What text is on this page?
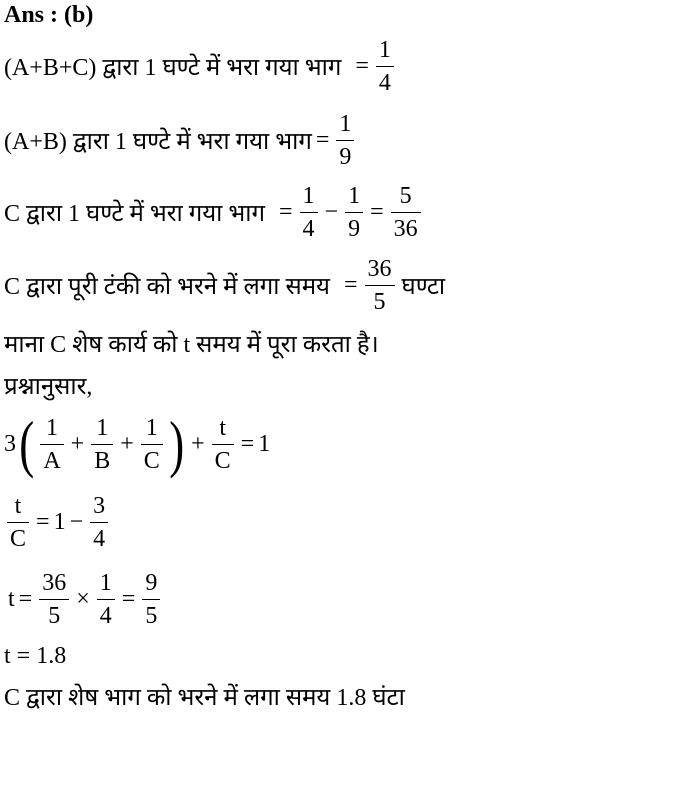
Ans : (b)
(A+B+C) द्वारा 1 घण्टे में भरा गया भाग = $\frac{1}{4}$
(A+B) द्वारा 1 घण्टे में भरा गया भाग = $\frac{1}{9}$
C द्वारा 1 घण्टे में भरा गया भाग = $\frac{1}{4} - \frac{1}{9} = \frac{5}{36}$
C द्वारा पूरी टंकी को भरने में लगा समय = $\frac{36}{5}$ घण्टा
माना C शेष कार्य को t समय में पूरा करता है।
प्रश्नानुसार,
3 ( $\frac{1}{A} + \frac{1}{B} + \frac{1}{C}$ ) + $\frac{t}{C} = 1$
$\frac{t}{C} = 1 - \frac{3}{4}$
$t = \frac{36}{5} \times \frac{1}{4} = \frac{9}{5}$
t = 1.8
C द्वारा शेष भाग को भरने में लगा समय 1.8 घंटा
